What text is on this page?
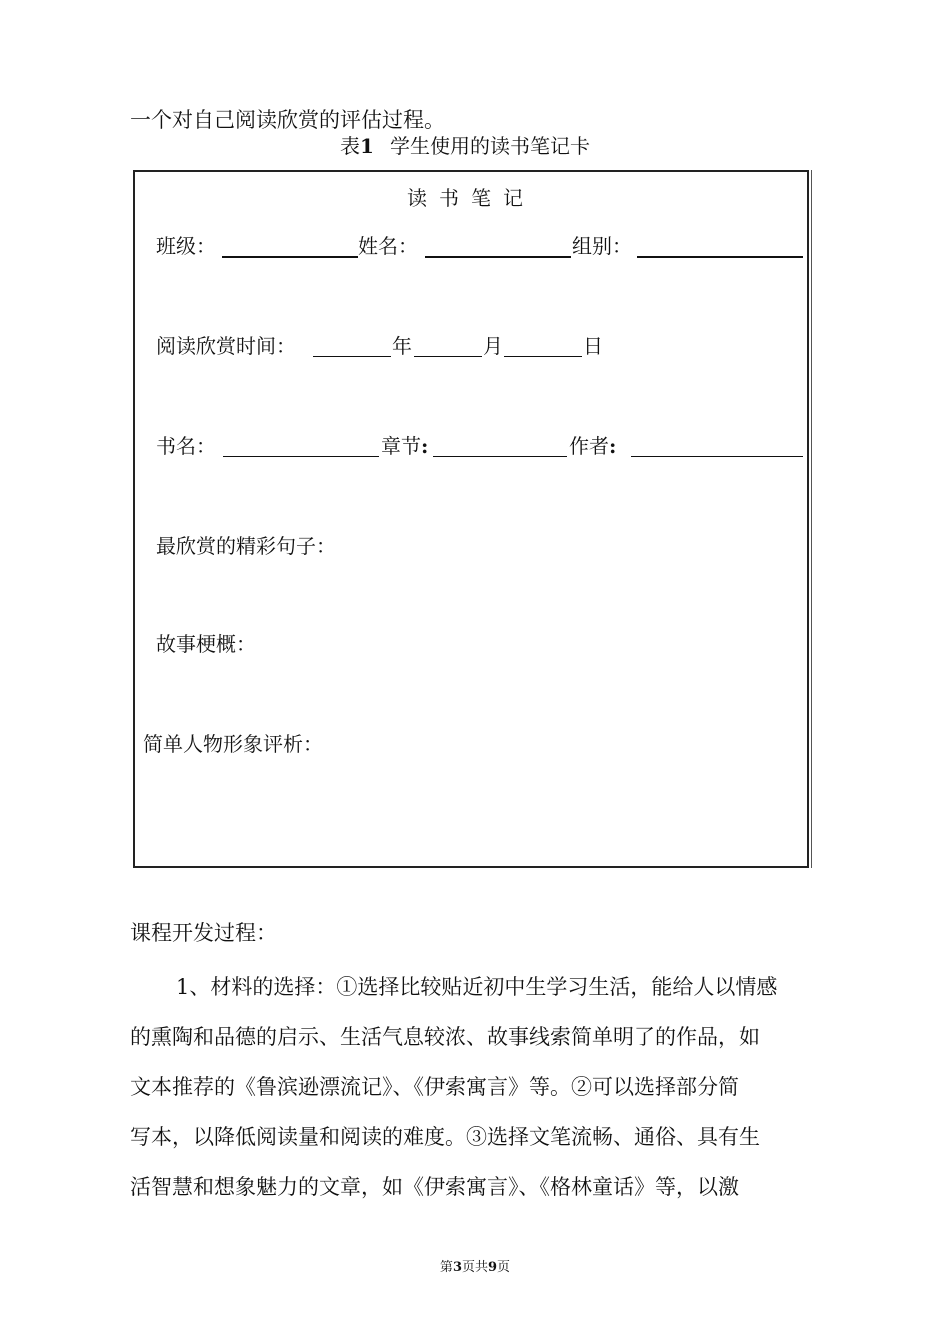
一个对自己阅读欣赏的评估过程。
表1 学生使用的读书笔记卡
读书笔记
班级：	姓名：	组别：
阅读欣赏时间：	年	月	日
书名：	章节:	作者:
最欣赏的精彩句子：
故事梗概：
简单人物形象评析：
课程开发过程：
1、材料的选择：①选择比较贴近初中生学习生活，能给人以情感
的熏陶和品德的启示、生活气息较浓、故事线索简单明了的作品，如
文本推荐的《鲁滨逊漂流记》、《伊索寓言》等。②可以选择部分简
写本，以降低阅读量和阅读的难度。③选择文笔流畅、通俗、具有生
活智慧和想象魅力的文章，如《伊索寓言》、《格林童话》等，以激
第3页共9页
